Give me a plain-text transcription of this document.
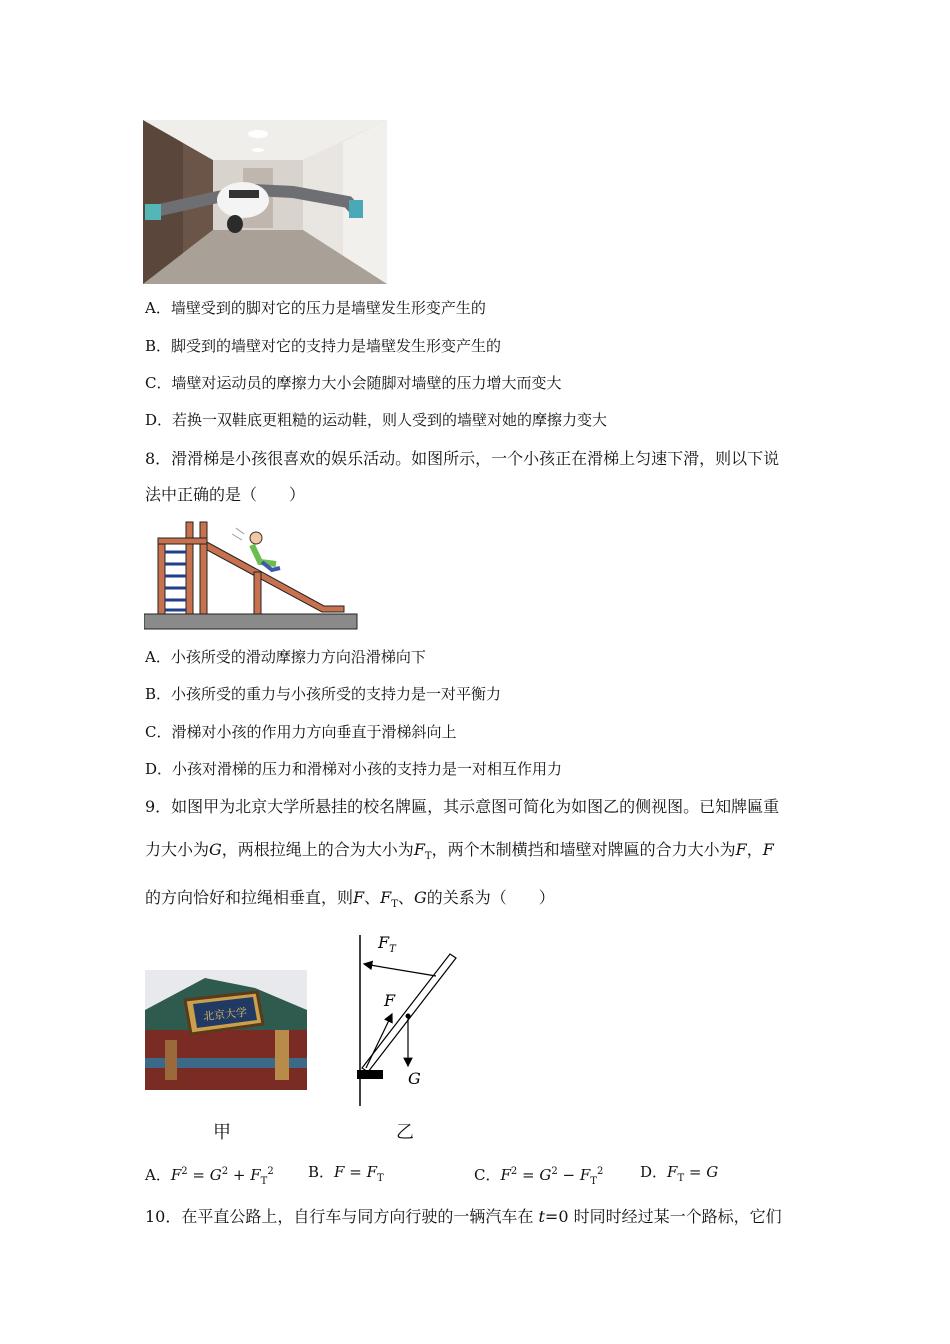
A．墙壁受到的脚对它的压力是墙壁发生形变产生的
B．脚受到的墙壁对它的支持力是墙壁发生形变产生的
C．墙壁对运动员的摩擦力大小会随脚对墙壁的压力增大而变大
D．若换一双鞋底更粗糙的运动鞋，则人受到的墙壁对她的摩擦力变大
8．滑滑梯是小孩很喜欢的娱乐活动。如图所示，一个小孩正在滑梯上匀速下滑，则以下说
法中正确的是（　　）
A．小孩所受的滑动摩擦力方向沿滑梯向下
B．小孩所受的重力与小孩所受的支持力是一对平衡力
C．滑梯对小孩的作用力方向垂直于滑梯斜向上
D．小孩对滑梯的压力和滑梯对小孩的支持力是一对相互作用力
9．如图甲为北京大学所悬挂的校名牌匾，其示意图可简化为如图乙的侧视图。已知牌匾重
力大小为G，两根拉绳上的合为大小为$F_T$，两个木制横挡和墙壁对牌匾的合力大小为F，F
的方向恰好和拉绳相垂直，则F、$F_T$、G的关系为（　　）
北京大学
甲
$F_T$
F
G
乙
A．$F^2 = G^2 + F_T^2$ B．$F = F_T$	C．$F^2 = G^2 - F_T^2$ D．$F_T = G$
10．在平直公路上，自行车与同方向行驶的一辆汽车在 t=0 时同时经过某一个路标，它们
